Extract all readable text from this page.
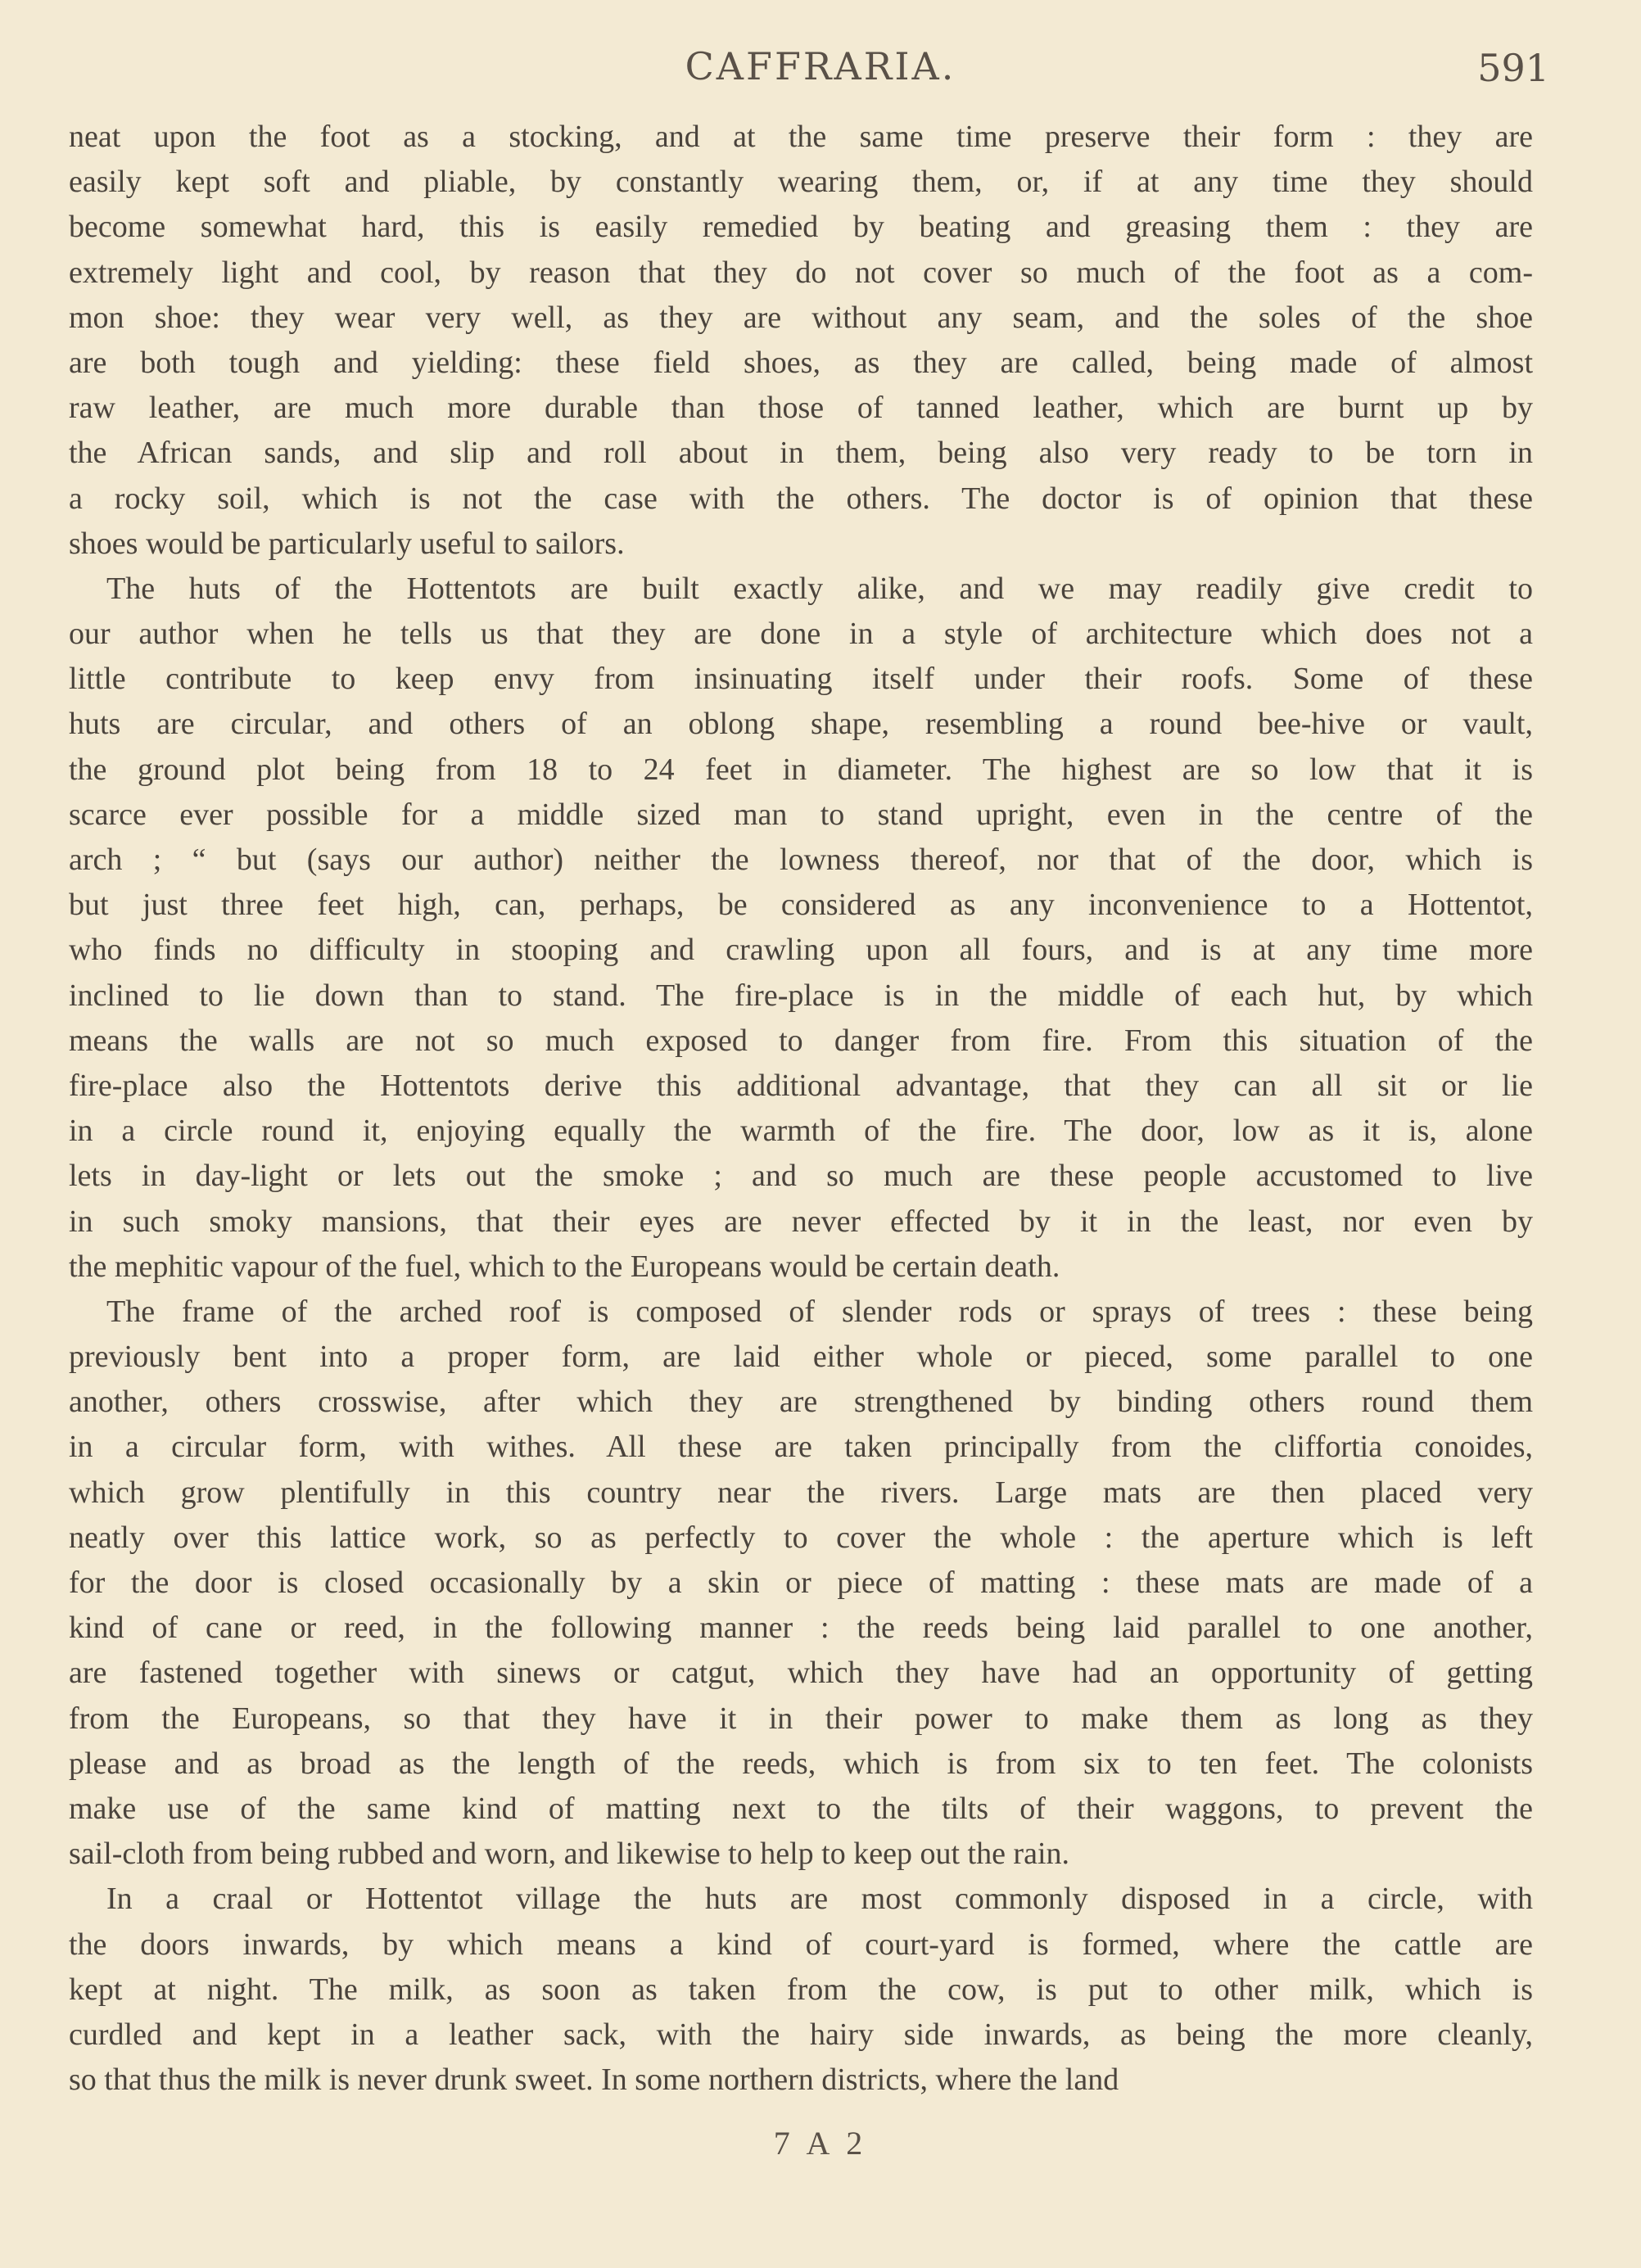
CAFFRARIA.	591
neat upon the foot as a stocking, and at the same time preserve their form : they are
easily kept soft and pliable, by constantly wearing them, or, if at any time they should
become somewhat hard, this is easily remedied by beating and greasing them : they are
extremely light and cool, by reason that they do not cover so much of the foot as a com-
mon shoe: they wear very well, as they are without any seam, and the soles of the shoe
are both tough and yielding: these field shoes, as they are called, being made of almost
raw leather, are much more durable than those of tanned leather, which are burnt up by
the African sands, and slip and roll about in them, being also very ready to be torn in
a rocky soil, which is not the case with the others. The doctor is of opinion that these
shoes would be particularly useful to sailors.
The huts of the Hottentots are built exactly alike, and we may readily give credit to
our author when he tells us that they are done in a style of architecture which does not a
little contribute to keep envy from insinuating itself under their roofs. Some of these
huts are circular, and others of an oblong shape, resembling a round bee-hive or vault,
the ground plot being from 18 to 24 feet in diameter. The highest are so low that it is
scarce ever possible for a middle sized man to stand upright, even in the centre of the
arch ; “ but (says our author) neither the lowness thereof, nor that of the door, which is
but just three feet high, can, perhaps, be considered as any inconvenience to a Hottentot,
who finds no difficulty in stooping and crawling upon all fours, and is at any time more
inclined to lie down than to stand. The fire-place is in the middle of each hut, by which
means the walls are not so much exposed to danger from fire. From this situation of the
fire-place also the Hottentots derive this additional advantage, that they can all sit or lie
in a circle round it, enjoying equally the warmth of the fire. The door, low as it is, alone
lets in day-light or lets out the smoke ; and so much are these people accustomed to live
in such smoky mansions, that their eyes are never effected by it in the least, nor even by
the mephitic vapour of the fuel, which to the Europeans would be certain death.
The frame of the arched roof is composed of slender rods or sprays of trees : these being
previously bent into a proper form, are laid either whole or pieced, some parallel to one
another, others crosswise, after which they are strengthened by binding others round them
in a circular form, with withes. All these are taken principally from the cliffortia conoides,
which grow plentifully in this country near the rivers. Large mats are then placed very
neatly over this lattice work, so as perfectly to cover the whole : the aperture which is left
for the door is closed occasionally by a skin or piece of matting : these mats are made of a
kind of cane or reed, in the following manner : the reeds being laid parallel to one another,
are fastened together with sinews or catgut, which they have had an opportunity of getting
from the Europeans, so that they have it in their power to make them as long as they
please and as broad as the length of the reeds, which is from six to ten feet. The colonists
make use of the same kind of matting next to the tilts of their waggons, to prevent the
sail-cloth from being rubbed and worn, and likewise to help to keep out the rain.
In a craal or Hottentot village the huts are most commonly disposed in a circle, with
the doors inwards, by which means a kind of court-yard is formed, where the cattle are
kept at night. The milk, as soon as taken from the cow, is put to other milk, which is
curdled and kept in a leather sack, with the hairy side inwards, as being the more cleanly,
so that thus the milk is never drunk sweet. In some northern districts, where the land
7 A 2
